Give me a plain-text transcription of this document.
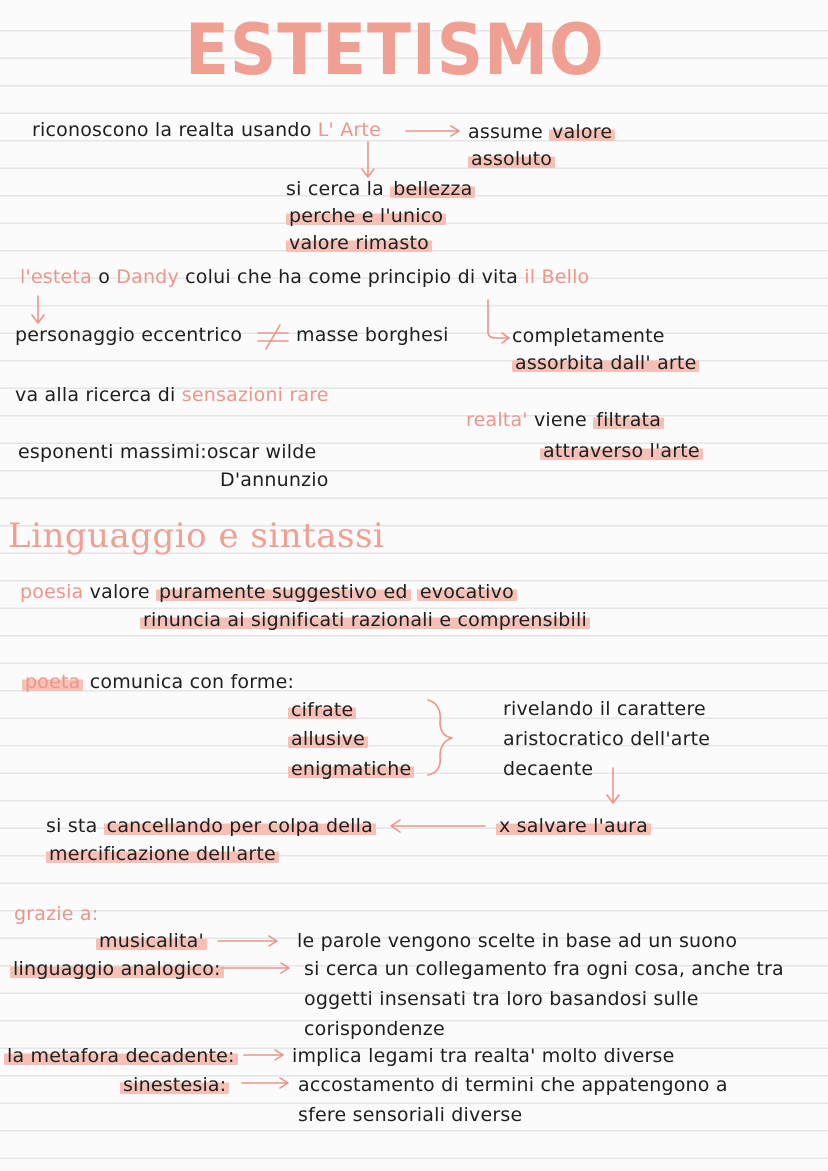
ESTETISMO
riconoscono la realta usando L' Arte	assume valore
assoluto
si cerca la bellezza
perche e l'unico
valore rimasto
l'esteta o Dandy colui che ha come principio di vita il Bello
personaggio eccentrico	masse borghesi	completamente
assorbita dall' arte
va alla ricerca di sensazioni rare
realta' viene filtrata
attraverso l'arte
esponenti massimi:oscar wilde
D'annunzio
Linguaggio e sintassi
poesia valore puramente suggestivo ed evocativo
rinuncia ai significati razionali e comprensibili
poeta comunica con forme:
cifrate
allusive
enigmatiche
rivelando il carattere
aristocratico dell'arte
decaente
x salvare l'aura
si sta cancellando per colpa della
mercificazione dell'arte
grazie a:
musicalita'	le parole vengono scelte in base ad un suono
linguaggio analogico:	si cerca un collegamento fra ogni cosa, anche tra
oggetti insensati tra loro basandosi sulle
corispondenze
la metafora decadente:	implica legami tra realta' molto diverse
sinestesia:	accostamento di termini che appatengono a
sfere sensoriali diverse
